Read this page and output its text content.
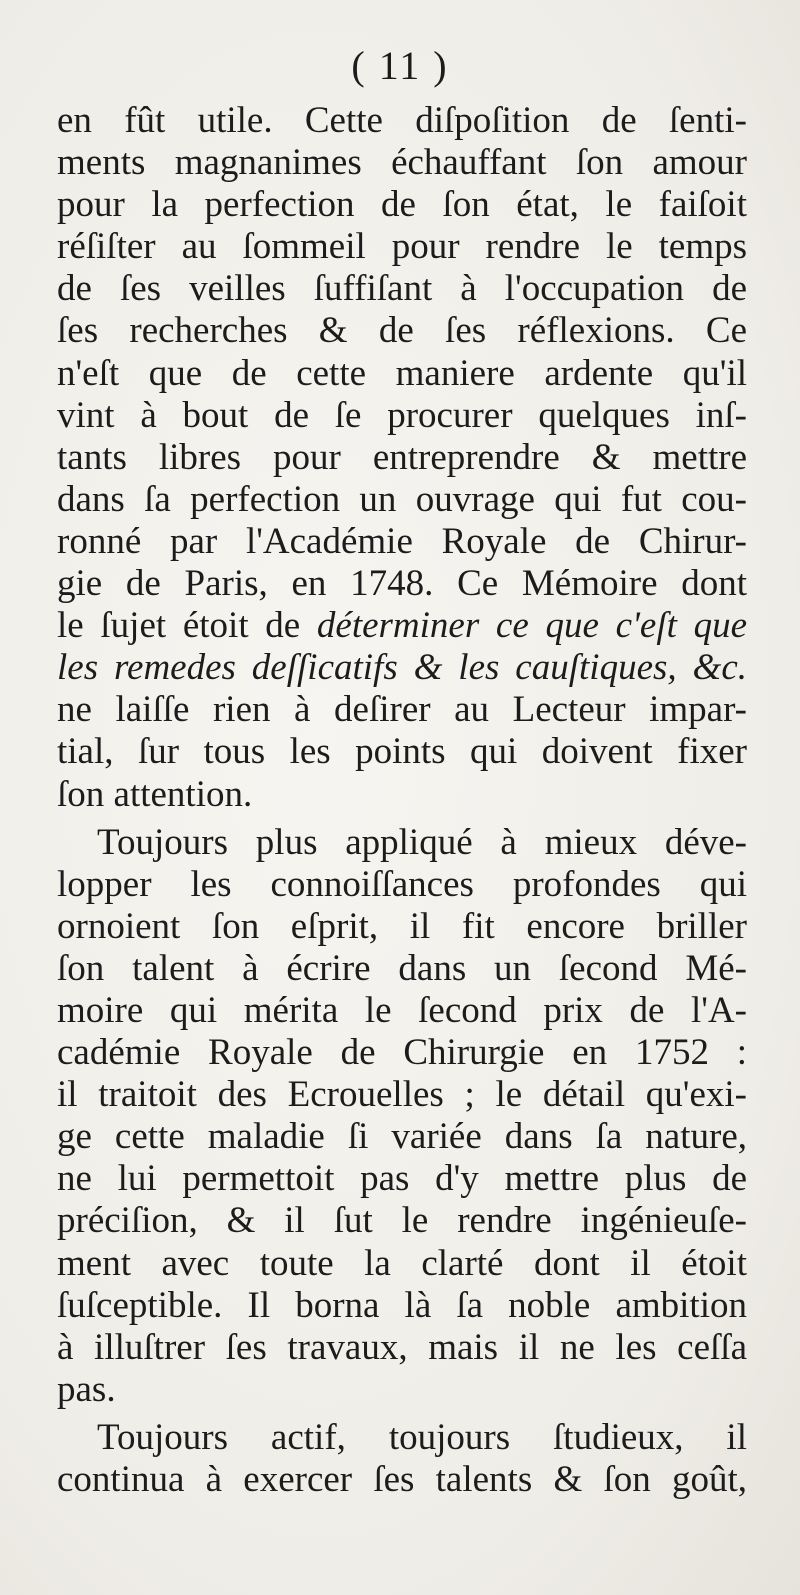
( 11 )
en fût utile. Cette diſpoſition de ſenti-
ments magnanimes échauffant ſon amour
pour la perfection de ſon état, le faiſoit
réſiſter au ſommeil pour rendre le temps
de ſes veilles ſuffiſant à l'occupation de
ſes recherches & de ſes réflexions. Ce
n'eſt que de cette maniere ardente qu'il
vint à bout de ſe procurer quelques inſ-
tants libres pour entreprendre & mettre
dans ſa perfection un ouvrage qui fut cou-
ronné par l'Académie Royale de Chirur-
gie de Paris, en 1748. Ce Mémoire dont
le ſujet étoit de déterminer ce que c'eſt que
les remedes deſſicatifs & les cauſtiques, &c.
ne laiſſe rien à deſirer au Lecteur impar-
tial, ſur tous les points qui doivent fixer
ſon attention.
Toujours plus appliqué à mieux déve-
lopper les connoiſſances profondes qui
ornoient ſon eſprit, il fit encore briller
ſon talent à écrire dans un ſecond Mé-
moire qui mérita le ſecond prix de l'A-
cadémie Royale de Chirurgie en 1752 :
il traitoit des Ecrouelles ; le détail qu'exi-
ge cette maladie ſi variée dans ſa nature,
ne lui permettoit pas d'y mettre plus de
préciſion, & il ſut le rendre ingénieuſe-
ment avec toute la clarté dont il étoit
ſuſceptible. Il borna là ſa noble ambition
à illuſtrer ſes travaux, mais il ne les ceſſa
pas.
Toujours actif, toujours ſtudieux, il
continua à exercer ſes talents & ſon goût,
